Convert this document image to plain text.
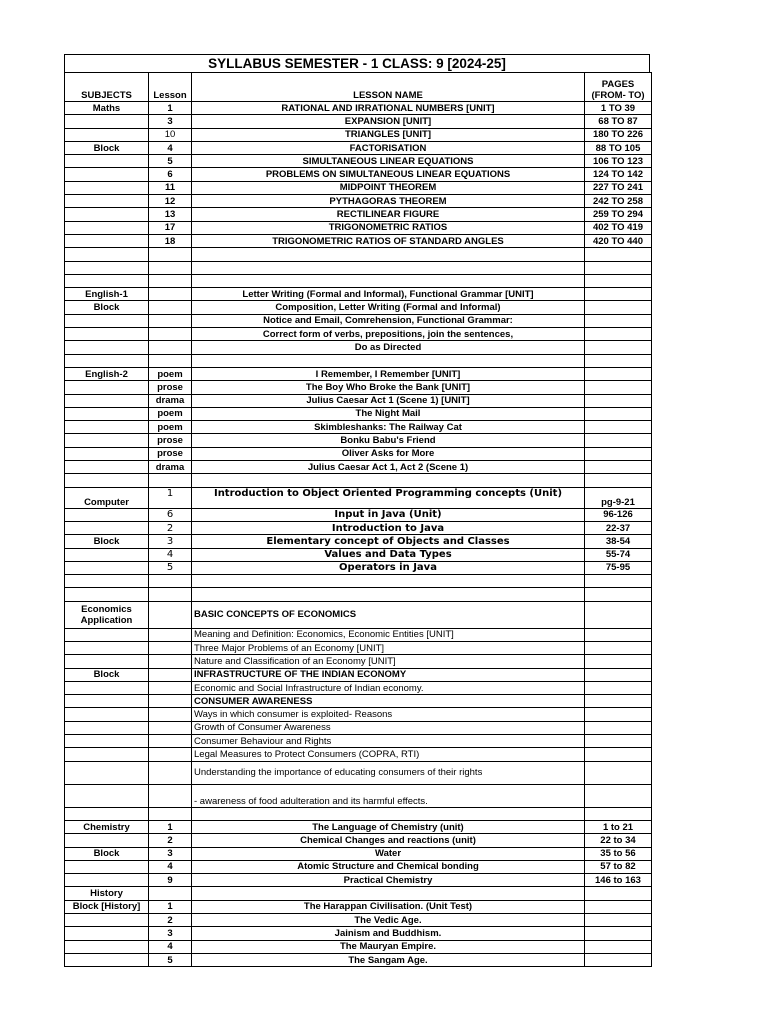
SYLLABUS SEMESTER - 1 CLASS: 9 [2024-25]
SUBJECTS	Lesson	LESSON NAME	PAGES
(FROM- TO)
Maths	1	RATIONAL AND IRRATIONAL NUMBERS [UNIT]	1 TO 39
	3	EXPANSION [UNIT]	68 TO 87
	10	TRIANGLES [UNIT]	180 TO 226
Block	4	FACTORISATION	88 TO 105
	5	SIMULTANEOUS LINEAR EQUATIONS	106 TO 123
	6	PROBLEMS ON SIMULTANEOUS LINEAR EQUATIONS	124 TO 142
	11	MIDPOINT THEOREM	227 TO 241
	12	PYTHAGORAS THEOREM	242 TO 258
	13	RECTILINEAR FIGURE	259 TO 294
	17	TRIGONOMETRIC RATIOS	402 TO 419
	18	TRIGONOMETRIC RATIOS OF STANDARD ANGLES	420 TO 440

English-1		Letter Writing (Formal and Informal), Functional Grammar [UNIT]	
Block		Composition, Letter Writing (Formal and Informal)	
		Notice and Email, Comrehension, Functional Grammar:	
		Correct form of verbs, prepositions, join the sentences,	
		Do as Directed	

English-2	poem	I Remember, I Remember [UNIT]	
	prose	The Boy Who Broke the Bank [UNIT]	
	drama	Julius Caesar Act 1 (Scene 1) [UNIT]	
	poem	The Night Mail	
	poem	Skimbleshanks: The Railway Cat	
	prose	Bonku Babu's Friend	
	prose	Oliver Asks for More	
	drama	Julius Caesar Act 1, Act 2 (Scene 1)	

Computer	1	Introduction to Object Oriented Programming concepts (Unit)	pg-9-21
	6	Input in Java (Unit)	96-126
	2	Introduction to Java	22-37
Block	3	Elementary concept of Objects and Classes	38-54
	4	Values and Data Types	55-74
	5	Operators in Java	75-95

Economics
Application		BASIC CONCEPTS OF ECONOMICS	
		Meaning and Definition: Economics, Economic Entities [UNIT]	
		Three Major Problems of an Economy [UNIT]	
		Nature and Classification of an Economy [UNIT]	
Block		INFRASTRUCTURE OF THE INDIAN ECONOMY	
		Economic and Social Infrastructure of Indian economy.	
		CONSUMER AWARENESS	
		Ways in which consumer is exploited- Reasons	
		Growth of Consumer Awareness	
		Consumer Behaviour and Rights	
		Legal Measures to Protect Consumers (COPRA, RTI)	
		Understanding the importance of educating consumers of their rights	
		- awareness of food adulteration and its harmful effects.	

Chemistry	1	The Language of Chemistry (unit)	1 to 21
	2	Chemical Changes and reactions (unit)	22 to 34
Block	3	Water	35 to 56
	4	Atomic Structure and Chemical bonding	57 to 82
	9	Practical Chemistry	146 to 163
History			
Block [History]	1	The Harappan Civilisation. (Unit Test)	
	2	The Vedic Age.	
	3	Jainism and Buddhism.	
	4	The Mauryan Empire.	
	5	The Sangam Age.	
